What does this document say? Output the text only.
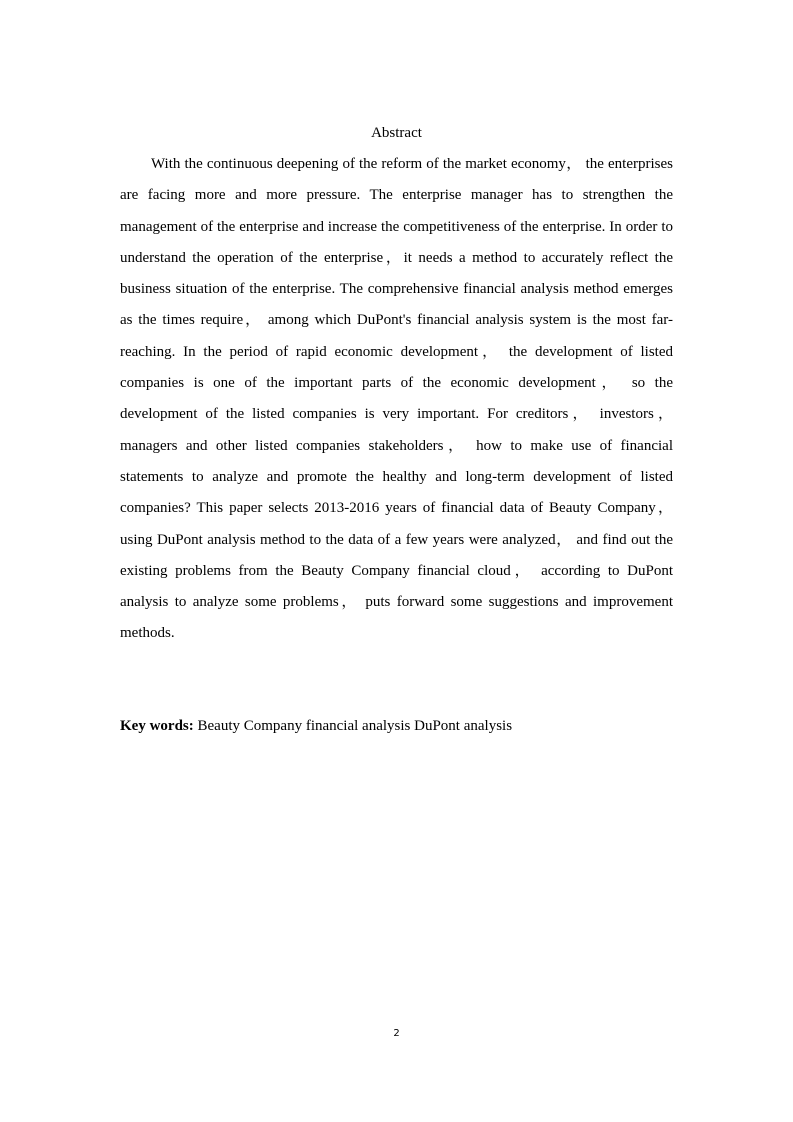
Abstract

With the continuous deepening of the reform of the market economy， the enterprises are facing more and more pressure. The enterprise manager has to strengthen the management of the enterprise and increase the competitiveness of the enterprise. In order to understand the operation of the enterprise，it needs a method to accurately reflect the business situation of the enterprise. The comprehensive financial analysis method emerges as the times require， among which DuPont's financial analysis system is the most far-reaching. In the period of rapid economic development， the development of listed companies is one of the important parts of the economic development， so the development of the listed companies is very important. For creditors， investors， managers and other listed companies stakeholders， how to make use of financial statements to analyze and promote the healthy and long-term development of listed companies? This paper selects 2013-2016 years of financial data of Beauty Company， using DuPont analysis method to the data of a few years were analyzed， and find out the existing problems from the Beauty Company financial cloud， according to DuPont analysis to analyze some problems， puts forward some suggestions and improvement methods.

Key words: Beauty Company financial analysis DuPont analysis

2
